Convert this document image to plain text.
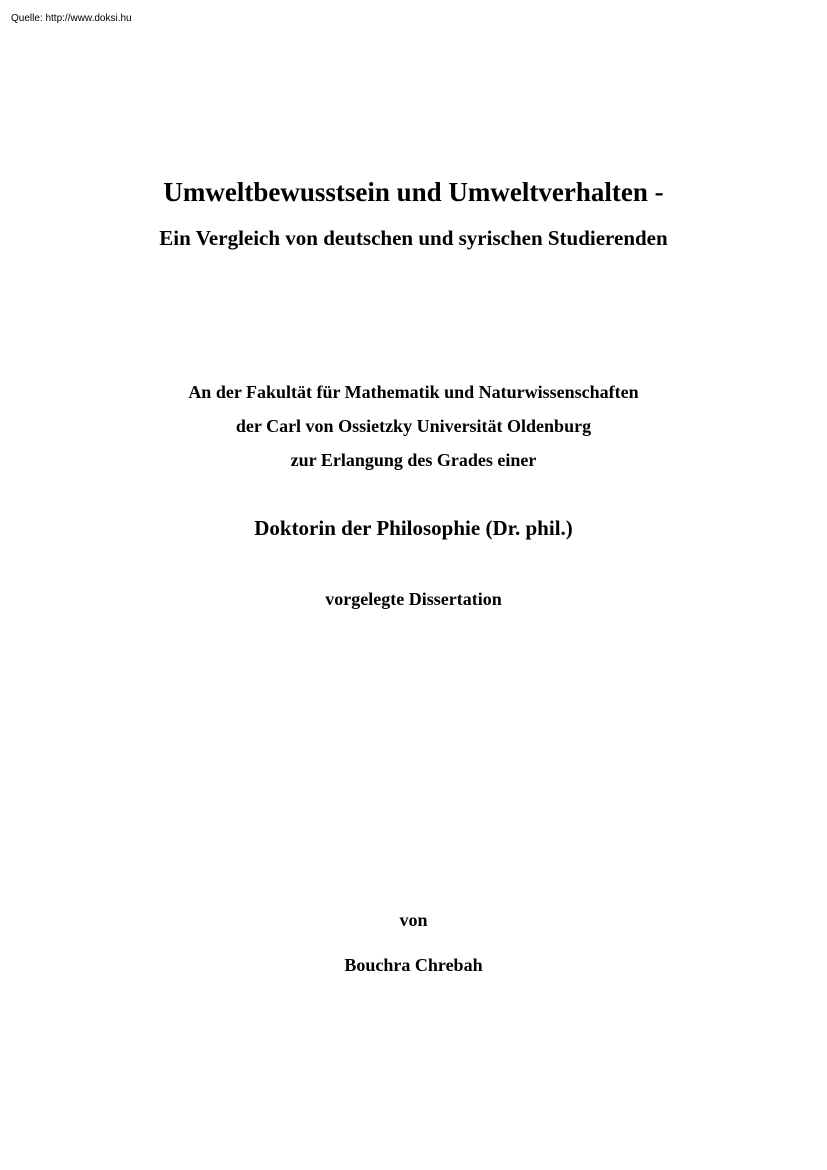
Quelle: http://www.doksi.hu
Umweltbewusstsein und Umweltverhalten -
Ein Vergleich von deutschen und syrischen Studierenden
An der Fakultät für Mathematik und Naturwissenschaften
der Carl von Ossietzky Universität Oldenburg
zur Erlangung des Grades einer
Doktorin der Philosophie (Dr. phil.)
vorgelegte Dissertation
von
Bouchra Chrebah
